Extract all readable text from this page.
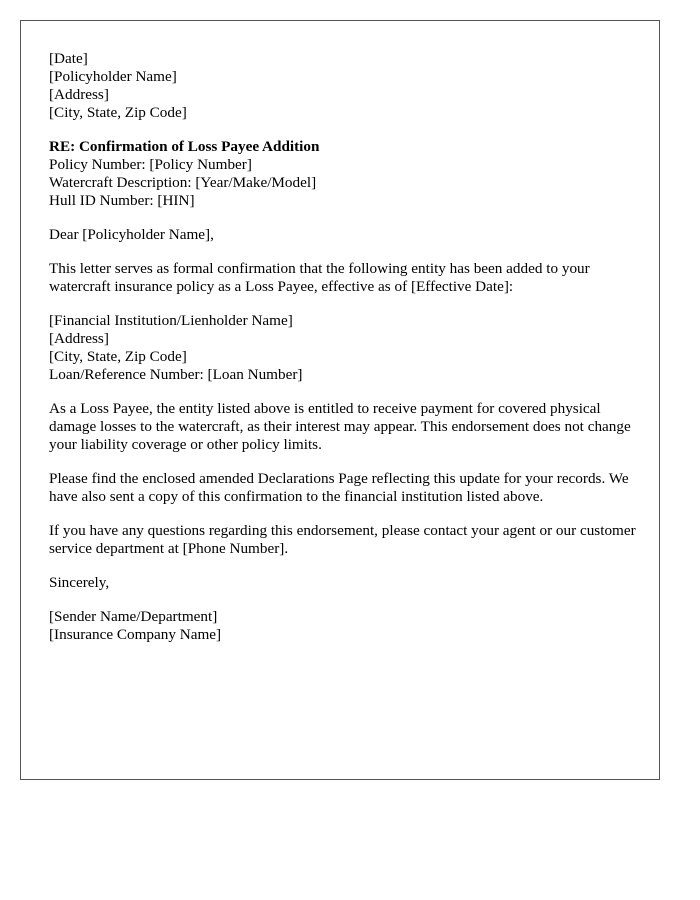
[Date]
[Policyholder Name]
[Address]
[City, State, Zip Code]
RE: Confirmation of Loss Payee Addition
Policy Number: [Policy Number]
Watercraft Description: [Year/Make/Model]
Hull ID Number: [HIN]
Dear [Policyholder Name],
This letter serves as formal confirmation that the following entity has been added to your watercraft insurance policy as a Loss Payee, effective as of [Effective Date]:
[Financial Institution/Lienholder Name]
[Address]
[City, State, Zip Code]
Loan/Reference Number: [Loan Number]
As a Loss Payee, the entity listed above is entitled to receive payment for covered physical damage losses to the watercraft, as their interest may appear. This endorsement does not change your liability coverage or other policy limits.
Please find the enclosed amended Declarations Page reflecting this update for your records. We have also sent a copy of this confirmation to the financial institution listed above.
If you have any questions regarding this endorsement, please contact your agent or our customer service department at [Phone Number].
Sincerely,
[Sender Name/Department]
[Insurance Company Name]
